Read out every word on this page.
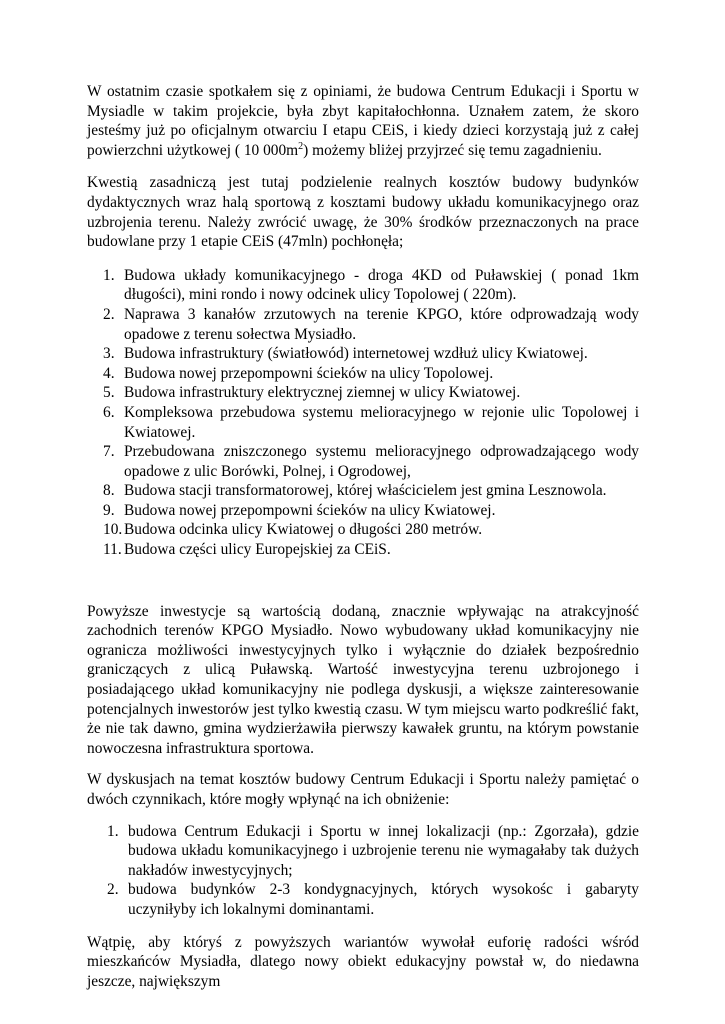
W ostatnim czasie spotkałem się z opiniami, że budowa Centrum Edukacji i Sportu w Mysiadle w takim projekcie, była zbyt kapitałochłonna. Uznałem zatem, że skoro jesteśmy już po oficjalnym otwarciu I etapu CEiS, i kiedy dzieci korzystają już z całej powierzchni użytkowej ( 10 $000m^2$) możemy bliżej przyjrzeć się temu zagadnieniu.

Kwestią zasadniczą jest tutaj podzielenie realnych kosztów budowy budynków dydaktycznych wraz halą sportową z kosztami budowy układu komunikacyjnego oraz uzbrojenia terenu. Należy zwrócić uwagę, że 30% środków przeznaczonych na prace budowlane przy 1 etapie CEiS (47mln) pochłonęła;

1. Budowa układy komunikacyjnego - droga 4KD od Puławskiej ( ponad 1km długości), mini rondo i nowy odcinek ulicy Topolowej ( 220m).
2. Naprawa 3 kanałów zrzutowych na terenie KPGO, które odprowadzają wody opadowe z terenu sołectwa Mysiadło.
3. Budowa infrastruktury (światłowód) internetowej wzdłuż ulicy Kwiatowej.
4. Budowa nowej przepompowni ścieków na ulicy Topolowej.
5. Budowa infrastruktury elektrycznej ziemnej w ulicy Kwiatowej.
6. Kompleksowa przebudowa systemu melioracyjnego w rejonie ulic Topolowej i Kwiatowej.
7. Przebudowana zniszczonego systemu melioracyjnego odprowadzającego wody opadowe z ulic Borówki, Polnej, i Ogrodowej,
8. Budowa stacji transformatorowej, której właścicielem jest gmina Lesznowola.
9. Budowa nowej przepompowni ścieków na ulicy Kwiatowej.
10. Budowa odcinka ulicy Kwiatowej o długości 280 metrów.
11. Budowa części ulicy Europejskiej za CEiS.

Powyższe inwestycje są wartością dodaną, znacznie wpływając na atrakcyjność zachodnich terenów KPGO Mysiadło. Nowo wybudowany układ komunikacyjny nie ogranicza możliwości inwestycyjnych tylko i wyłącznie do działek bezpośrednio graniczących z ulicą Puławską. Wartość inwestycyjna terenu uzbrojonego i posiadającego układ komunikacyjny nie podlega dyskusji, a większe zainteresowanie potencjalnych inwestorów jest tylko kwestią czasu. W tym miejscu warto podkreślić fakt, że nie tak dawno, gmina wydzierżawiła pierwszy kawałek gruntu, na którym powstanie nowoczesna infrastruktura sportowa.

W dyskusjach na temat kosztów budowy Centrum Edukacji i Sportu należy pamiętać o dwóch czynnikach, które mogły wpłynąć na ich obniżenie:

1. budowa Centrum Edukacji i Sportu w innej lokalizacji (np.: Zgorzała), gdzie budowa układu komunikacyjnego i uzbrojenie terenu nie wymagałaby tak dużych nakładów inwestycyjnych;
2. budowa budynków 2-3 kondygnacyjnych, których wysokośc i gabaryty uczyniłyby ich lokalnymi dominantami.

Wątpię, aby któryś z powyższych wariantów wywołał euforię radości wśród mieszkańców Mysiadła, dlatego nowy obiekt edukacyjny powstał w, do niedawna jeszcze, największym
